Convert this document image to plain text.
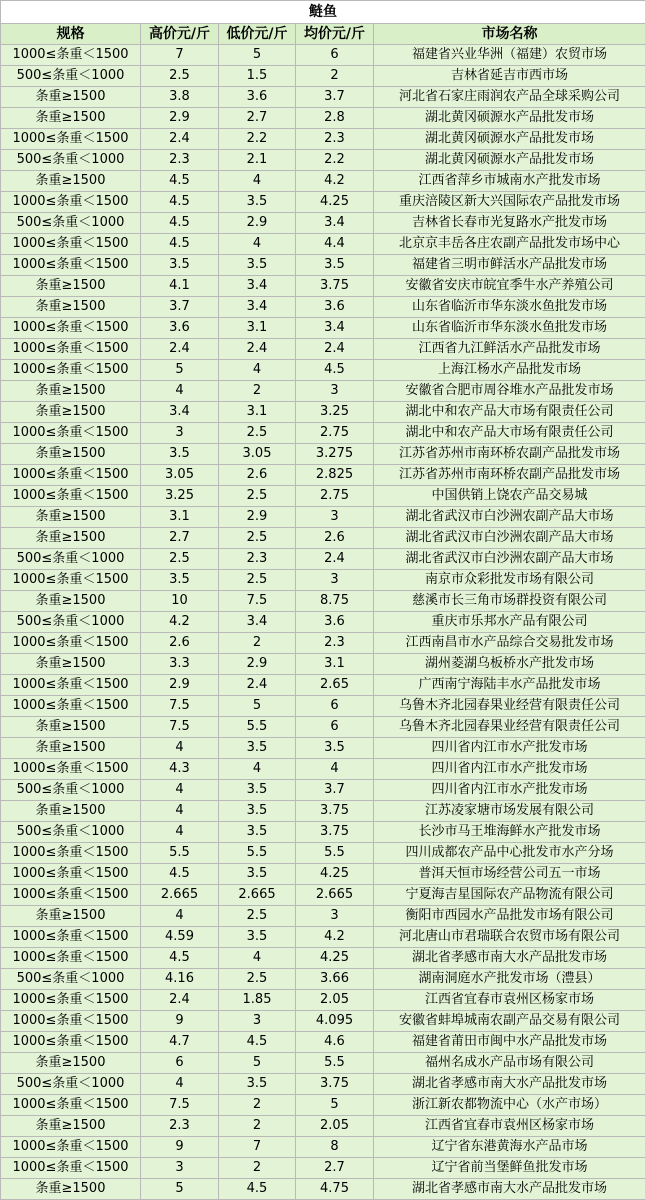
鲢鱼				
规格	高价元/斤	低价元/斤	均价元/斤	市场名称
1000≤条重＜1500	7	5	6	福建省兴业华洲（福建）农贸市场
500≤条重＜1000	2.5	1.5	2	吉林省延吉市西市场
条重≥1500	3.8	3.6	3.7	河北省石家庄雨润农产品全球采购公司
条重≥1500	2.9	2.7	2.8	湖北黄冈硕源水产品批发市场
1000≤条重＜1500	2.4	2.2	2.3	湖北黄冈硕源水产品批发市场
500≤条重＜1000	2.3	2.1	2.2	湖北黄冈硕源水产品批发市场
条重≥1500	4.5	4	4.2	江西省萍乡市城南水产批发市场
1000≤条重＜1500	4.5	3.5	4.25	重庆涪陵区新大兴国际农产品批发市场
500≤条重＜1000	4.5	2.9	3.4	吉林省长春市光复路水产批发市场
1000≤条重＜1500	4.5	4	4.4	北京京丰岳各庄农副产品批发市场中心
1000≤条重＜1500	3.5	3.5	3.5	福建省三明市鲜活水产品批发市场
条重≥1500	4.1	3.4	3.75	安徽省安庆市皖宜季牛水产养殖公司
条重≥1500	3.7	3.4	3.6	山东省临沂市华东淡水鱼批发市场
1000≤条重＜1500	3.6	3.1	3.4	山东省临沂市华东淡水鱼批发市场
1000≤条重＜1500	2.4	2.4	2.4	江西省九江鲜活水产品批发市场
1000≤条重＜1500	5	4	4.5	上海江杨水产品批发市场
条重≥1500	4	2	3	安徽省合肥市周谷堆水产品批发市场
条重≥1500	3.4	3.1	3.25	湖北中和农产品大市场有限责任公司
1000≤条重＜1500	3	2.5	2.75	湖北中和农产品大市场有限责任公司
条重≥1500	3.5	3.05	3.275	江苏省苏州市南环桥农副产品批发市场
1000≤条重＜1500	3.05	2.6	2.825	江苏省苏州市南环桥农副产品批发市场
1000≤条重＜1500	3.25	2.5	2.75	中国供销上饶农产品交易城
条重≥1500	3.1	2.9	3	湖北省武汉市白沙洲农副产品大市场
条重≥1500	2.7	2.5	2.6	湖北省武汉市白沙洲农副产品大市场
500≤条重＜1000	2.5	2.3	2.4	湖北省武汉市白沙洲农副产品大市场
1000≤条重＜1500	3.5	2.5	3	南京市众彩批发市场有限公司
条重≥1500	10	7.5	8.75	慈溪市长三角市场群投资有限公司
500≤条重＜1000	4.2	3.4	3.6	重庆市乐邦水产品有限公司
1000≤条重＜1500	2.6	2	2.3	江西南昌市水产品综合交易批发市场
条重≥1500	3.3	2.9	3.1	湖州菱湖乌板桥水产批发市场
1000≤条重＜1500	2.9	2.4	2.65	广西南宁海陆丰水产品批发市场
1000≤条重＜1500	7.5	5	6	乌鲁木齐北园春果业经营有限责任公司
条重≥1500	7.5	5.5	6	乌鲁木齐北园春果业经营有限责任公司
条重≥1500	4	3.5	3.5	四川省内江市水产批发市场
1000≤条重＜1500	4.3	4	4	四川省内江市水产批发市场
500≤条重＜1000	4	3.5	3.7	四川省内江市水产批发市场
条重≥1500	4	3.5	3.75	江苏凌家塘市场发展有限公司
500≤条重＜1000	4	3.5	3.75	长沙市马王堆海鲜水产批发市场
1000≤条重＜1500	5.5	5.5	5.5	四川成都农产品中心批发市水产分场
1000≤条重＜1500	4.5	3.5	4.25	普洱天恒市场经营公司五一市场
1000≤条重＜1500	2.665	2.665	2.665	宁夏海吉星国际农产品物流有限公司
条重≥1500	4	2.5	3	衡阳市西园水产品批发市场有限公司
1000≤条重＜1500	4.59	3.5	4.2	河北唐山市君瑞联合农贸市场有限公司
1000≤条重＜1500	4.5	4	4.25	湖北省孝感市南大水产品批发市场
500≤条重＜1000	4.16	2.5	3.66	湖南洞庭水产批发市场（澧县）
1000≤条重＜1500	2.4	1.85	2.05	江西省宜春市袁州区杨家市场
1000≤条重＜1500	9	3	4.095	安徽省蚌埠城南农副产品交易有限公司
1000≤条重＜1500	4.7	4.5	4.6	福建省莆田市闽中水产品批发市场
条重≥1500	6	5	5.5	福州名成水产品市场有限公司
500≤条重＜1000	4	3.5	3.75	湖北省孝感市南大水产品批发市场
1000≤条重＜1500	7.5	2	5	浙江新农都物流中心（水产市场）
条重≥1500	2.3	2	2.05	江西省宜春市袁州区杨家市场
1000≤条重＜1500	9	7	8	辽宁省东港黄海水产品市场
1000≤条重＜1500	3	2	2.7	辽宁省前当堡鲜鱼批发市场
条重≥1500	5	4.5	4.75	湖北省孝感市南大水产品批发市场
